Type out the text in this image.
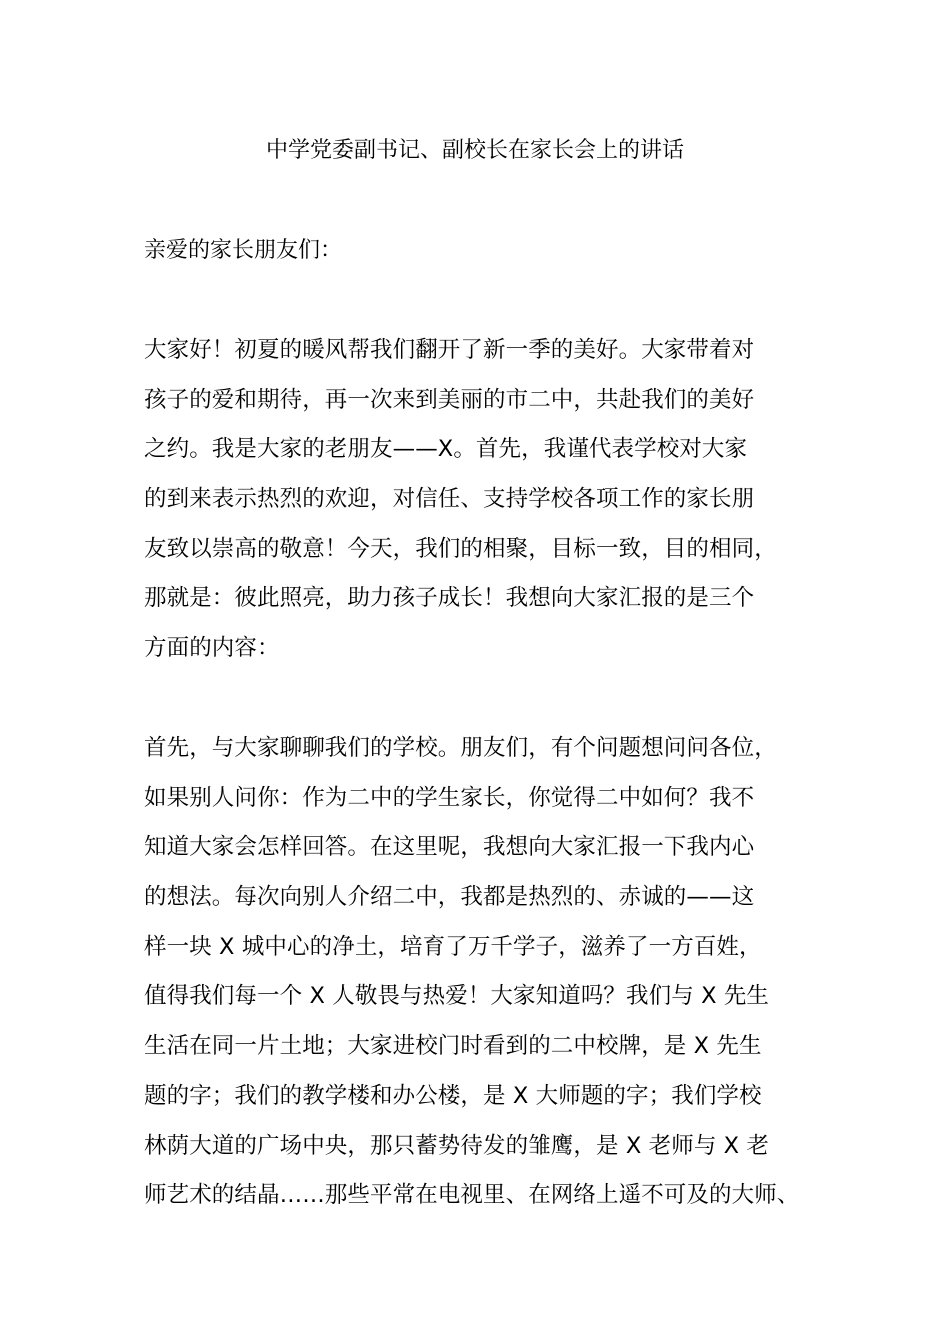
中学党委副书记、副校长在家长会上的讲话
亲爱的家长朋友们：
大家好！初夏的暖风帮我们翻开了新一季的美好。大家带着对
孩子的爱和期待，再一次来到美丽的市二中，共赴我们的美好
之约。我是大家的老朋友——X。首先，我谨代表学校对大家
的到来表示热烈的欢迎，对信任、支持学校各项工作的家长朋
友致以崇高的敬意！今天，我们的相聚，目标一致，目的相同，
那就是：彼此照亮，助力孩子成长！我想向大家汇报的是三个
方面的内容：
首先，与大家聊聊我们的学校。朋友们，有个问题想问问各位，
如果别人问你：作为二中的学生家长，你觉得二中如何？我不
知道大家会怎样回答。在这里呢，我想向大家汇报一下我内心
的想法。每次向别人介绍二中，我都是热烈的、赤诚的——这
样一块 X 城中心的净土，培育了万千学子，滋养了一方百姓，
值得我们每一个 X 人敬畏与热爱！大家知道吗？我们与 X 先生
生活在同一片土地；大家进校门时看到的二中校牌，是 X 先生
题的字；我们的教学楼和办公楼，是 X 大师题的字；我们学校
林荫大道的广场中央，那只蓄势待发的雏鹰，是 X 老师与 X 老
师艺术的结晶……那些平常在电视里、在网络上遥不可及的大师、
